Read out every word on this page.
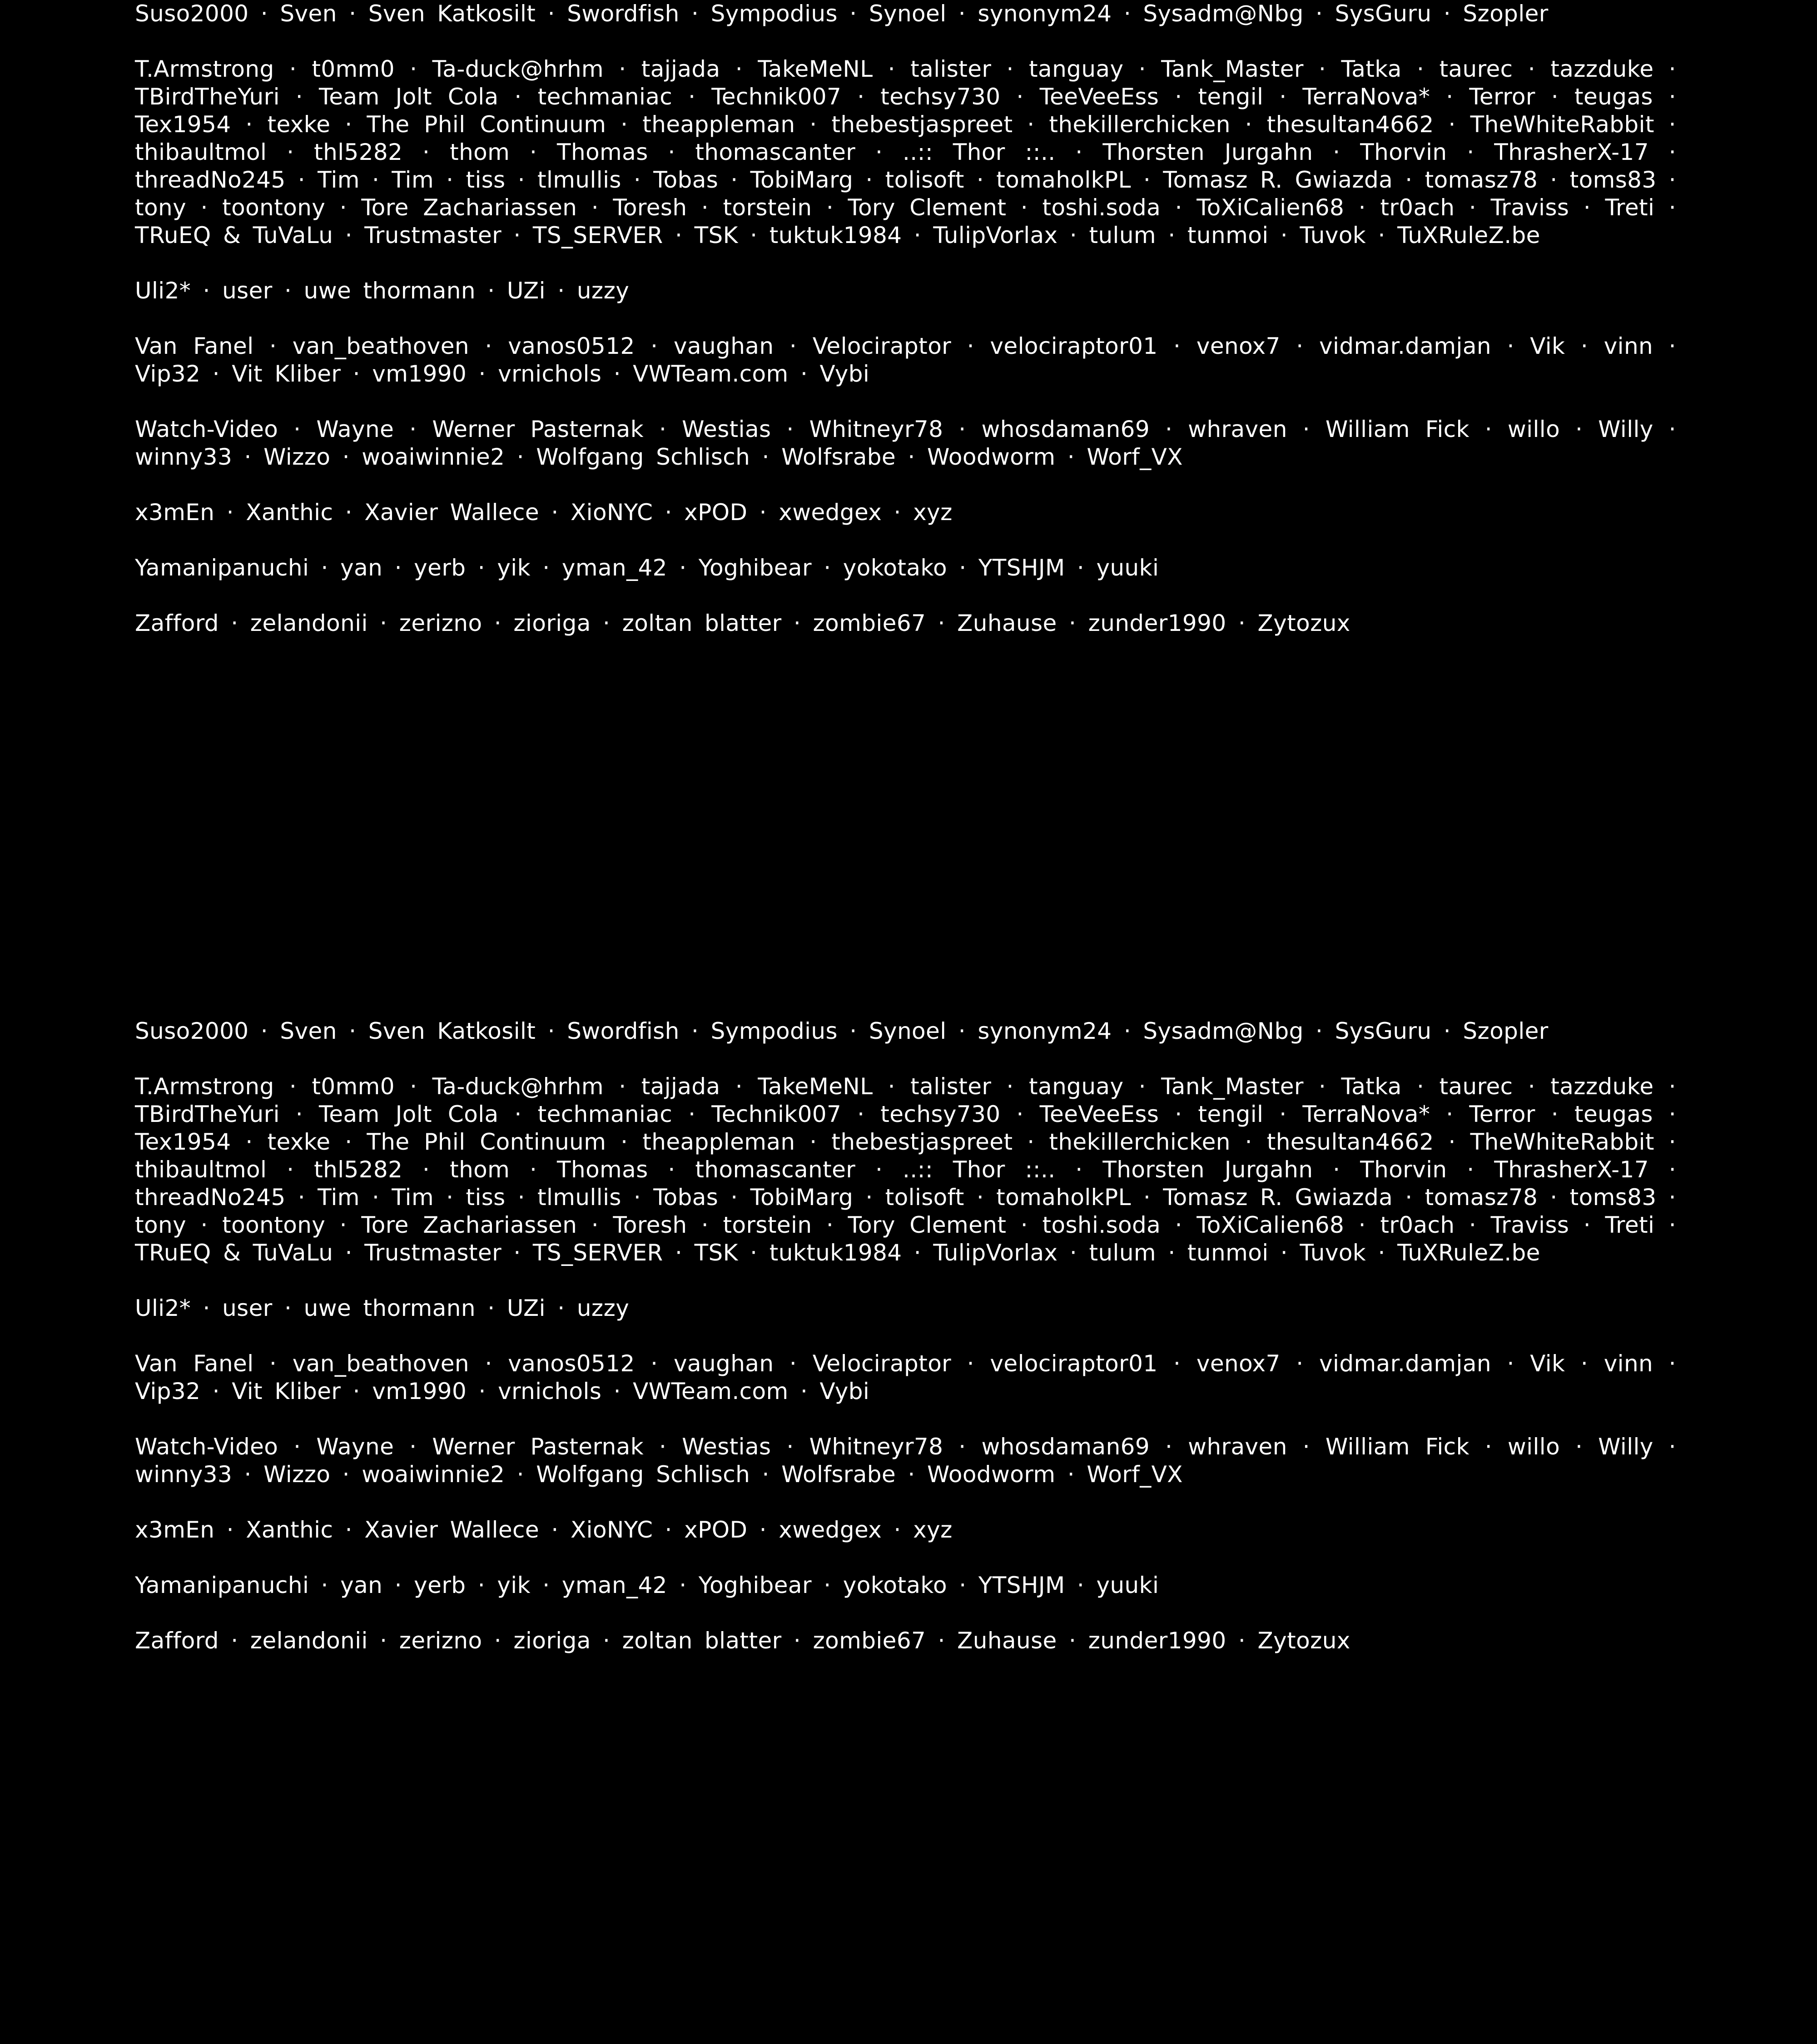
Suso2000 · Sven · Sven Katkosilt · Swordfish · Sympodius · Synoel · synonym24 · Sysadm@Nbg · SysGuru · Szopler

T.Armstrong · t0mm0 · Ta-duck@hrhm · tajjada · TakeMeNL · talister · tanguay · Tank_Master · Tatka · taurec · tazzduke · TBirdTheYuri · Team Jolt Cola · techmaniac · Technik007 · techsy730 · TeeVeeEss · tengil · TerraNova* · Terror · teugas · Tex1954 · texke · The Phil Continuum · theappleman · thebestjaspreet · thekillerchicken · thesultan4662 · TheWhiteRabbit · thibaultmol · thl5282 · thom · Thomas · thomascanter · ..:: Thor ::.. · Thorsten Jurgahn · Thorvin · ThrasherX-17 · threadNo245 · Tim · Tim · tiss · tlmullis · Tobas · TobiMarg · tolisoft · tomaholkPL · Tomasz R. Gwiazda · tomasz78 · toms83 · tony · toontony · Tore Zachariassen · Toresh · torstein · Tory Clement · toshi.soda · ToXiCalien68 · tr0ach · Traviss · Treti · TRuEQ & TuVaLu · Trustmaster · TS_SERVER · TSK · tuktuk1984 · TulipVorlax · tulum · tunmoi · Tuvok · TuXRuleZ.be

Uli2* · user · uwe thormann · UZi · uzzy

Van Fanel · van_beathoven · vanos0512 · vaughan · Velociraptor · velociraptor01 · venox7 · vidmar.damjan · Vik · vinn · Vip32 · Vit Kliber · vm1990 · vrnichols · VWTeam.com · Vybi

Watch-Video · Wayne · Werner Pasternak · Westias · Whitneyr78 · whosdaman69 · whraven · William Fick · willo · Willy · winny33 · Wizzo · woaiwinnie2 · Wolfgang Schlisch · Wolfsrabe · Woodworm · Worf_VX

x3mEn · Xanthic · Xavier Wallece · XioNYC · xPOD · xwedgex · xyz

Yamanipanuchi · yan · yerb · yik · yman_42 · Yoghibear · yokotako · YTSHJM · yuuki

Zafford · zelandonii · zerizno · zioriga · zoltan blatter · zombie67 · Zuhause · zunder1990 · Zytozux

Suso2000 · Sven · Sven Katkosilt · Swordfish · Sympodius · Synoel · synonym24 · Sysadm@Nbg · SysGuru · Szopler

T.Armstrong · t0mm0 · Ta-duck@hrhm · tajjada · TakeMeNL · talister · tanguay · Tank_Master · Tatka · taurec · tazzduke · TBirdTheYuri · Team Jolt Cola · techmaniac · Technik007 · techsy730 · TeeVeeEss · tengil · TerraNova* · Terror · teugas · Tex1954 · texke · The Phil Continuum · theappleman · thebestjaspreet · thekillerchicken · thesultan4662 · TheWhiteRabbit · thibaultmol · thl5282 · thom · Thomas · thomascanter · ..:: Thor ::.. · Thorsten Jurgahn · Thorvin · ThrasherX-17 · threadNo245 · Tim · Tim · tiss · tlmullis · Tobas · TobiMarg · tolisoft · tomaholkPL · Tomasz R. Gwiazda · tomasz78 · toms83 · tony · toontony · Tore Zachariassen · Toresh · torstein · Tory Clement · toshi.soda · ToXiCalien68 · tr0ach · Traviss · Treti · TRuEQ & TuVaLu · Trustmaster · TS_SERVER · TSK · tuktuk1984 · TulipVorlax · tulum · tunmoi · Tuvok · TuXRuleZ.be

Uli2* · user · uwe thormann · UZi · uzzy

Van Fanel · van_beathoven · vanos0512 · vaughan · Velociraptor · velociraptor01 · venox7 · vidmar.damjan · Vik · vinn · Vip32 · Vit Kliber · vm1990 · vrnichols · VWTeam.com · Vybi

Watch-Video · Wayne · Werner Pasternak · Westias · Whitneyr78 · whosdaman69 · whraven · William Fick · willo · Willy · winny33 · Wizzo · woaiwinnie2 · Wolfgang Schlisch · Wolfsrabe · Woodworm · Worf_VX

x3mEn · Xanthic · Xavier Wallece · XioNYC · xPOD · xwedgex · xyz

Yamanipanuchi · yan · yerb · yik · yman_42 · Yoghibear · yokotako · YTSHJM · yuuki

Zafford · zelandonii · zerizno · zioriga · zoltan blatter · zombie67 · Zuhause · zunder1990 · Zytozux
